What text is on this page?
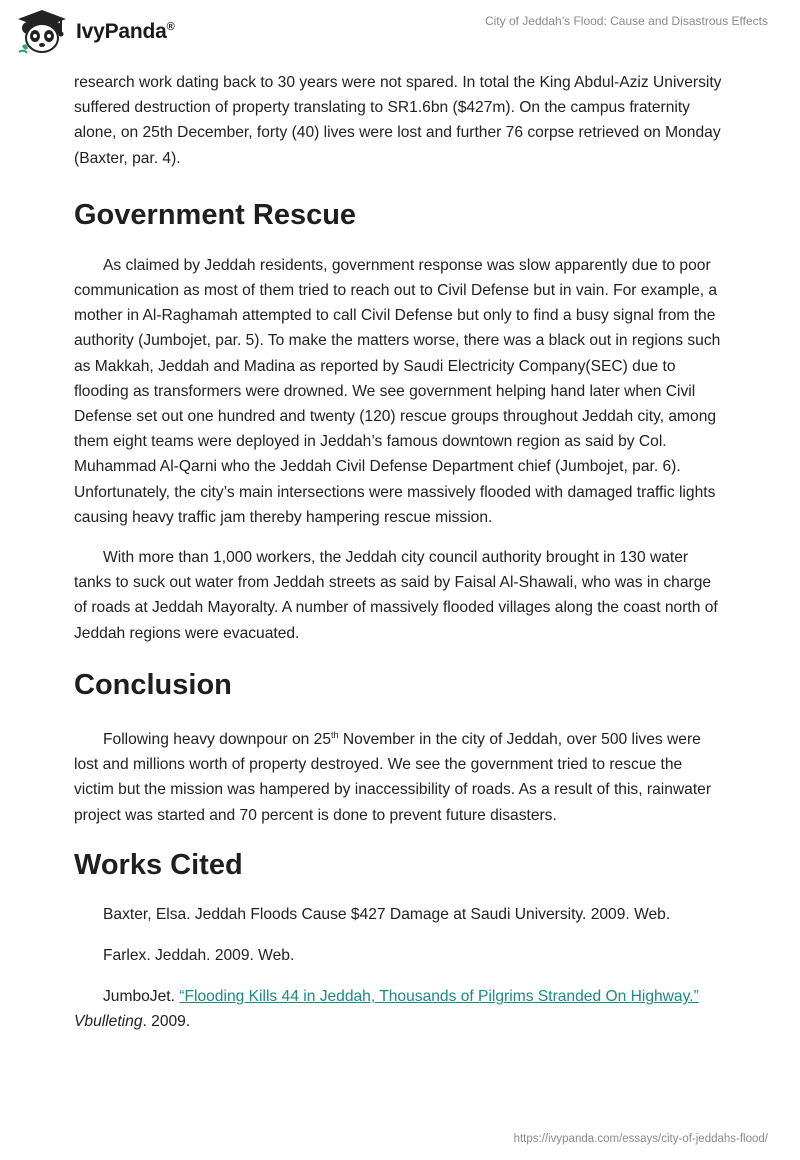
IvyPanda®	City of Jeddah’s Flood: Cause and Disastrous Effects

research work dating back to 30 years were not spared. In total the King Abdul-Aziz University suffered destruction of property translating to SR1.6bn ($427m). On the campus fraternity alone, on 25th December, forty (40) lives were lost and further 76 corpse retrieved on Monday (Baxter, par. 4).

Government Rescue

As claimed by Jeddah residents, government response was slow apparently due to poor communication as most of them tried to reach out to Civil Defense but in vain. For example, a mother in Al-Raghamah attempted to call Civil Defense but only to find a busy signal from the authority (Jumbojet, par. 5). To make the matters worse, there was a black out in regions such as Makkah, Jeddah and Madina as reported by Saudi Electricity Company(SEC) due to flooding as transformers were drowned. We see government helping hand later when Civil Defense set out one hundred and twenty (120) rescue groups throughout Jeddah city, among them eight teams were deployed in Jeddah’s famous downtown region as said by Col. Muhammad Al-Qarni who the Jeddah Civil Defense Department chief (Jumbojet, par. 6). Unfortunately, the city’s main intersections were massively flooded with damaged traffic lights causing heavy traffic jam thereby hampering rescue mission.

With more than 1,000 workers, the Jeddah city council authority brought in 130 water tanks to suck out water from Jeddah streets as said by Faisal Al-Shawali, who was in charge of roads at Jeddah Mayoralty. A number of massively flooded villages along the coast north of Jeddah regions were evacuated.

Conclusion

Following heavy downpour on 25th November in the city of Jeddah, over 500 lives were lost and millions worth of property destroyed. We see the government tried to rescue the victim but the mission was hampered by inaccessibility of roads. As a result of this, rainwater project was started and 70 percent is done to prevent future disasters.

Works Cited

Baxter, Elsa. Jeddah Floods Cause $427 Damage at Saudi University. 2009. Web.

Farlex. Jeddah. 2009. Web.

JumboJet. “Flooding Kills 44 in Jeddah, Thousands of Pilgrims Stranded On Highway.” Vbulleting. 2009.

https://ivypanda.com/essays/city-of-jeddahs-flood/
